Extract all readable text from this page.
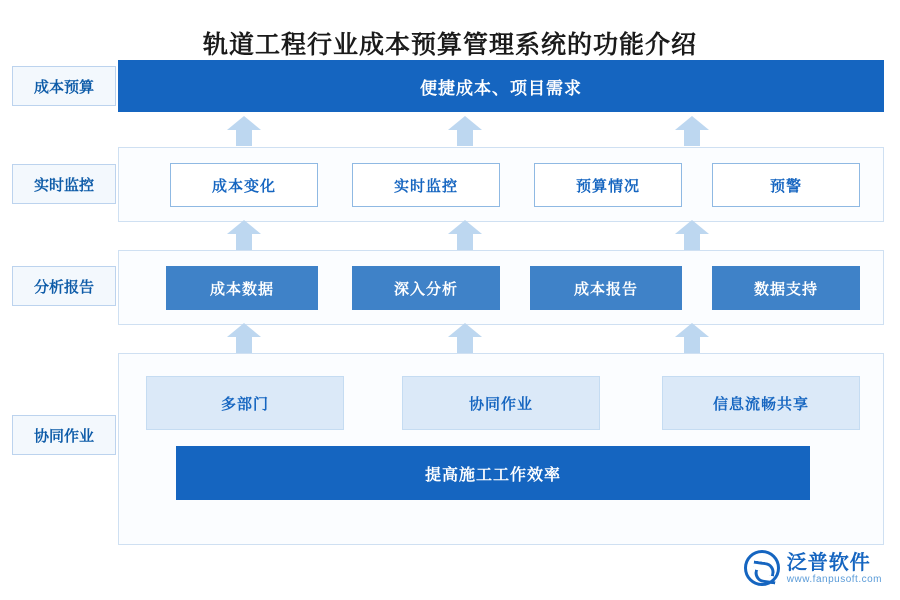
轨道工程行业成本预算管理系统的功能介绍
成本预算
实时监控
分析报告
协同作业
便捷成本、项目需求
成本变化	实时监控	预算情况	预警
成本数据	深入分析	成本报告	数据支持
多部门	协同作业	信息流畅共享
提高施工工作效率
泛普软件
www.fanpusoft.com
